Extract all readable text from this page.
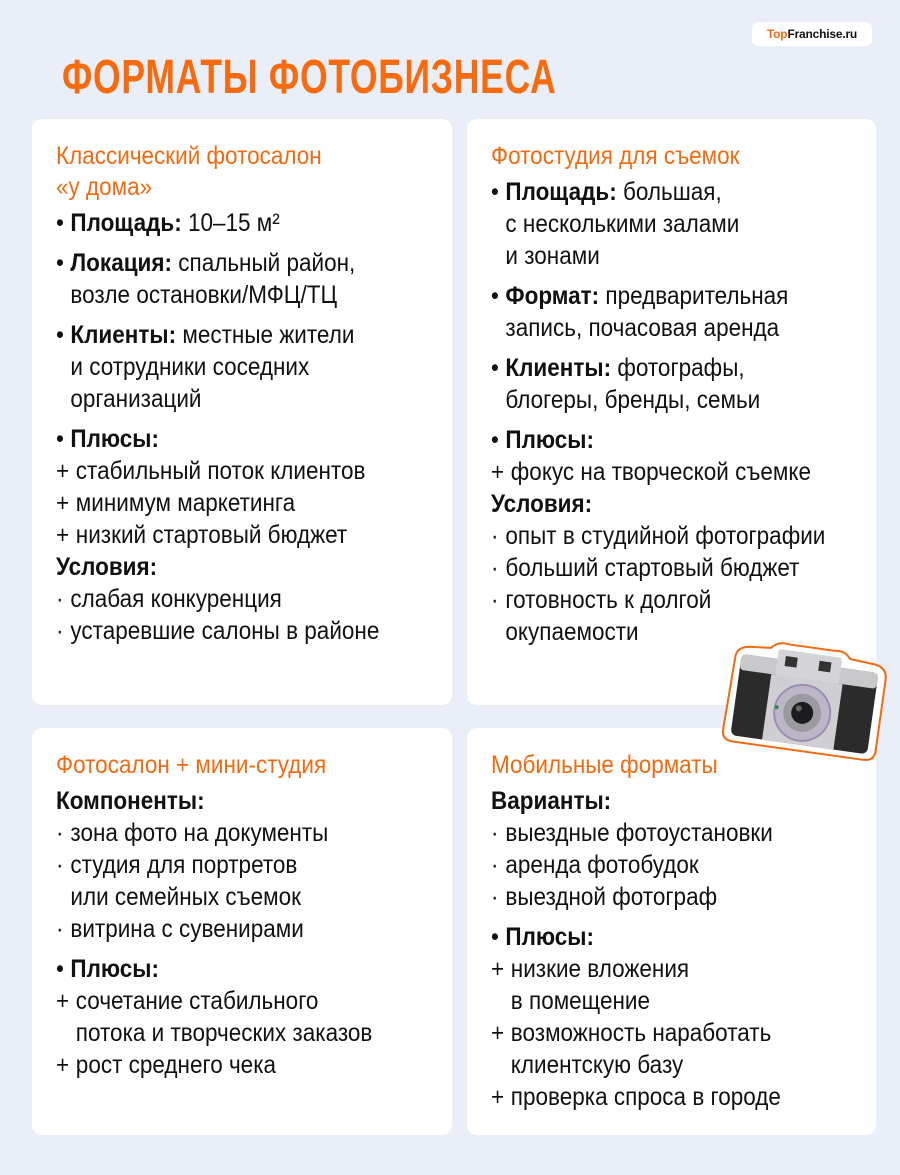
Top Franchise.ru
ФОРМАТЫ ФОТОБИЗНЕСА
Классический фотосалон
«у дома»
• Площадь: 10–15 м²
• Локация: спальный район,
возле остановки/МФЦ/ТЦ
• Клиенты: местные жители
и сотрудники соседних
организаций
• Плюсы:
+ стабильный поток клиентов
+ минимум маркетинга
+ низкий стартовый бюджет
Условия:
· слабая конкуренция
· устаревшие салоны в районе
Фотостудия для съемок
• Площадь: большая,
с несколькими залами
и зонами
• Формат: предварительная
запись, почасовая аренда
• Клиенты: фотографы,
блогеры, бренды, семьи
• Плюсы:
+ фокус на творческой съемке
Условия:
· опыт в студийной фотографии
· больший стартовый бюджет
· готовность к долгой
окупаемости
Фотосалон + мини-студия
Компоненты:
· зона фото на документы
· студия для портретов
или семейных съемок
· витрина с сувенирами
• Плюсы:
+ сочетание стабильного
потока и творческих заказов
+ рост среднего чека
Мобильные форматы
Варианты:
· выездные фотоустановки
· аренда фотобудок
· выездной фотограф
• Плюсы:
+ низкие вложения
в помещение
+ возможность наработать
клиентскую базу
+ проверка спроса в городе
